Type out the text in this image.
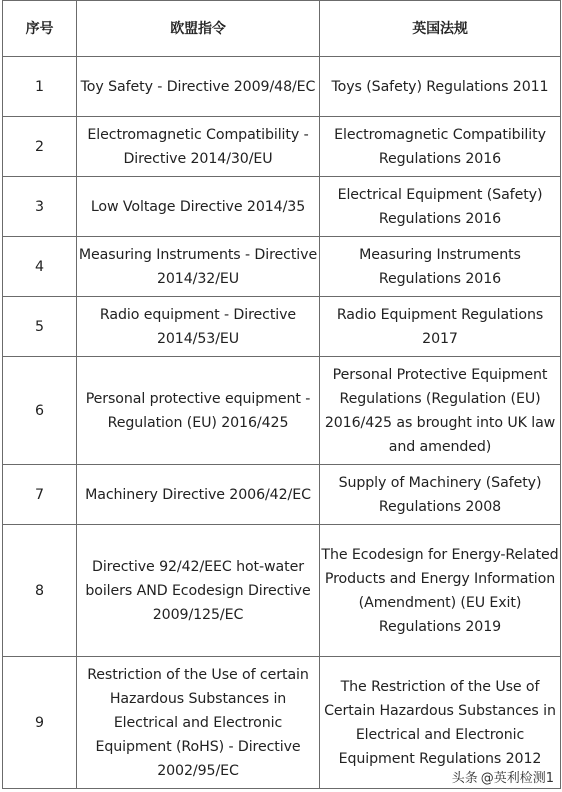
序号	欧盟指令	英国法规
1	Toy Safety - Directive 2009/48/EC	Toys (Safety) Regulations 2011
2	Electromagnetic Compatibility - Directive 2014/30/EU	Electromagnetic Compatibility Regulations 2016
3	Low Voltage Directive 2014/35	Electrical Equipment (Safety) Regulations 2016
4	Measuring Instruments - Directive 2014/32/EU	Measuring Instruments Regulations 2016
5	Radio equipment - Directive 2014/53/EU	Radio Equipment Regulations 2017
6	Personal protective equipment - Regulation (EU) 2016/425	Personal Protective Equipment Regulations (Regulation (EU) 2016/425 as brought into UK law and amended)
7	Machinery Directive 2006/42/EC	Supply of Machinery (Safety) Regulations 2008
8	Directive 92/42/EEC hot-water boilers AND Ecodesign Directive 2009/125/EC	The Ecodesign for Energy-Related Products and Energy Information (Amendment) (EU Exit) Regulations 2019
9	Restriction of the Use of certain Hazardous Substances in Electrical and Electronic Equipment (RoHS) - Directive 2002/95/EC	The Restriction of the Use of Certain Hazardous Substances in Electrical and Electronic Equipment Regulations 2012
头条 @英利检测1
